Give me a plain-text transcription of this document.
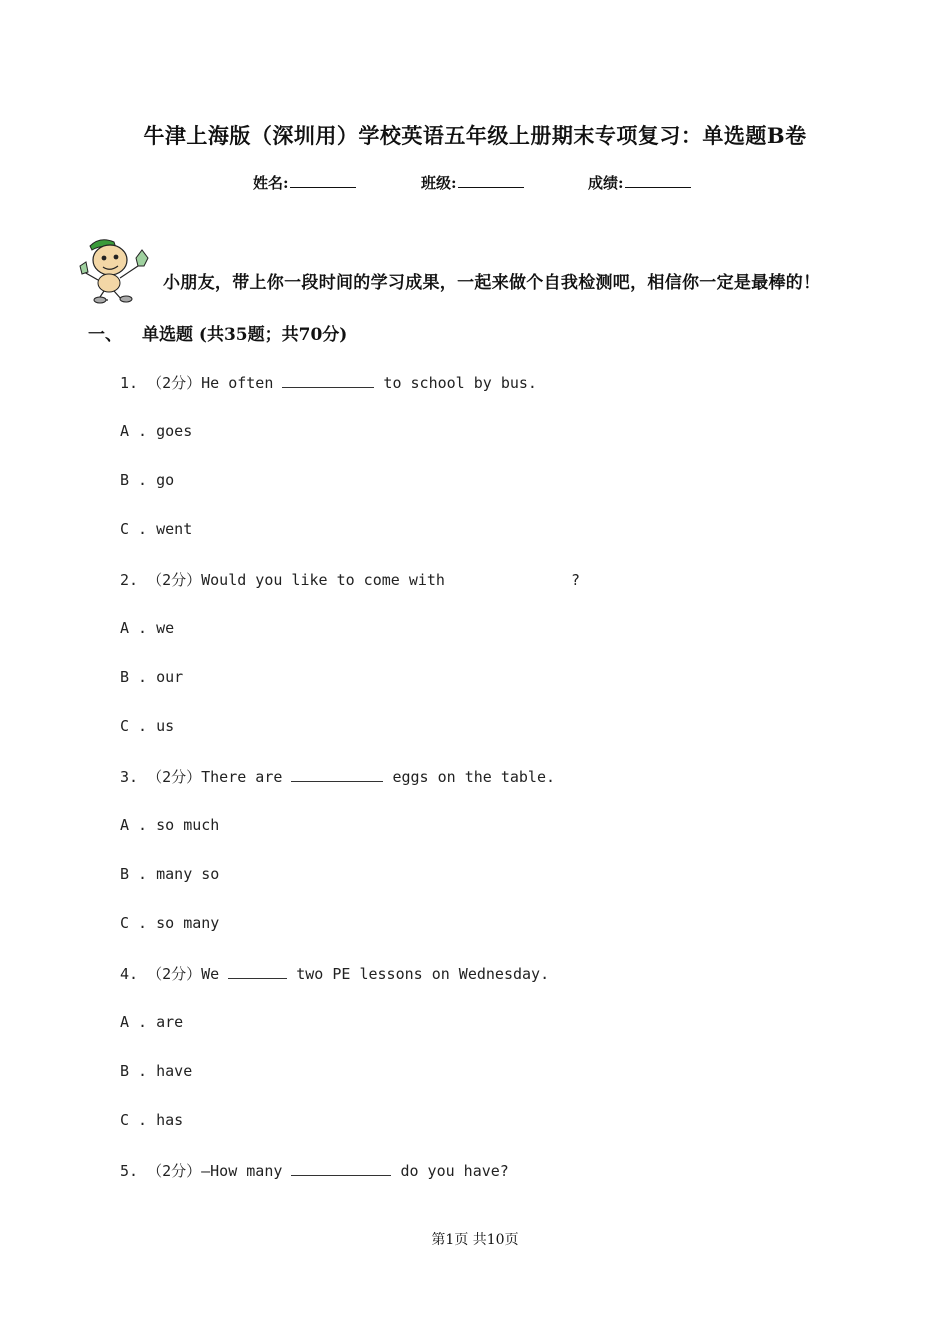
牛津上海版（深圳用）学校英语五年级上册期末专项复习：单选题B卷
姓名:	班级:	成绩:
小朋友，带上你一段时间的学习成果，一起来做个自我检测吧，相信你一定是最棒的！
一、 单选题 (共35题；共70分)
1. （2分）He often	to school by bus.
A . goes
B . go
C . went
2. （2分）Would you like to come with	?
A . we
B . our
C . us
3. （2分）There are	eggs on the table.
A . so much
B . many so
C . so many
4. （2分）We	two PE lessons on Wednesday.
A . are
B . have
C . has
5. （2分）—How many	do you have?
第1页 共10页
